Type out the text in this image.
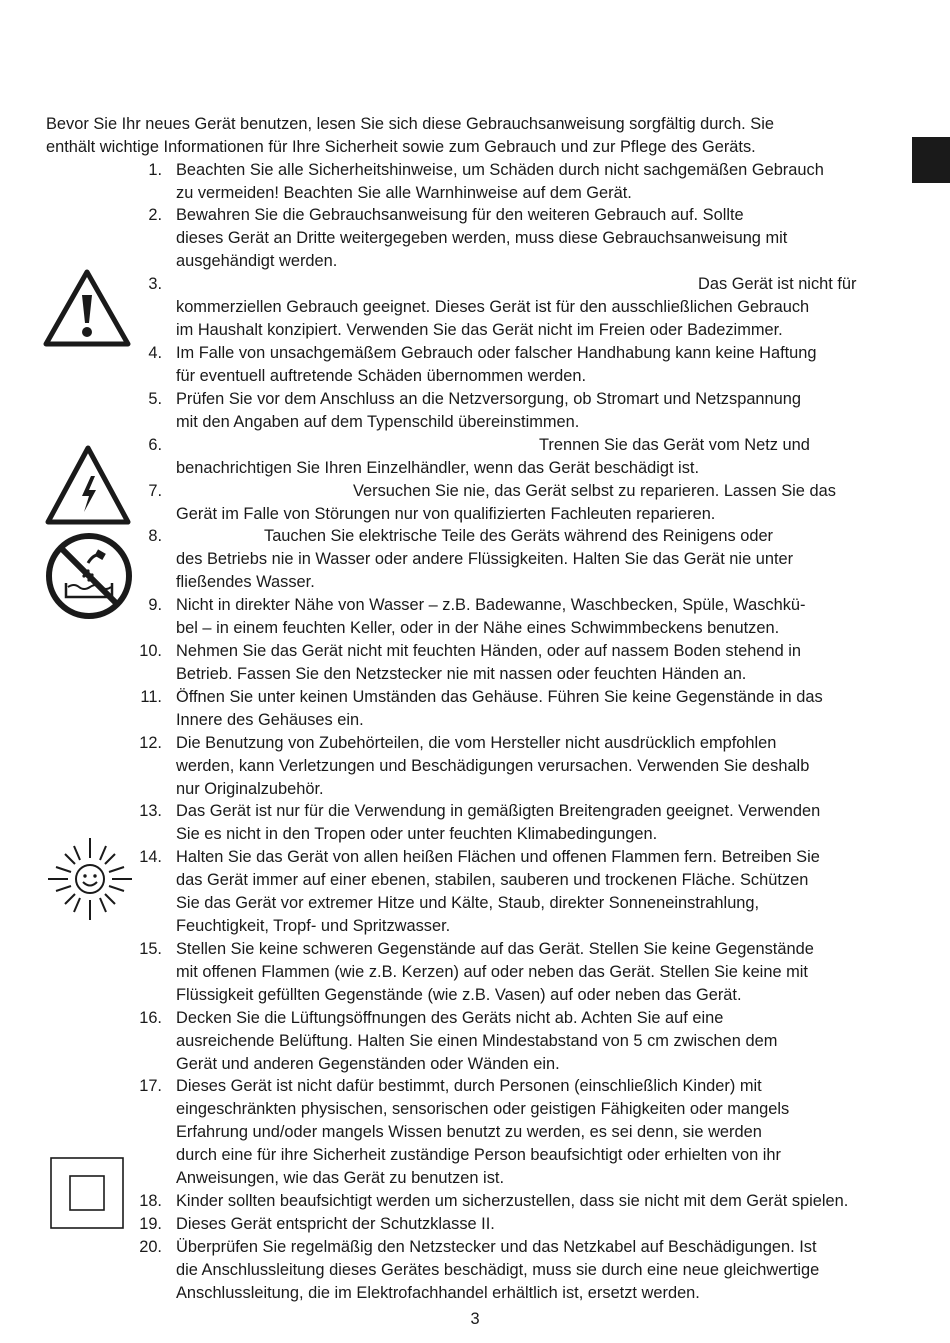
Bevor Sie Ihr neues Gerät benutzen, lesen Sie sich diese Gebrauchsanweisung sorgfältig durch. Sie
enthält wichtige Informationen für Ihre Sicherheit sowie zum Gebrauch und zur Pflege des Geräts.
1. Beachten Sie alle Sicherheitshinweise, um Schäden durch nicht sachgemäßen Gebrauch
zu vermeiden! Beachten Sie alle Warnhinweise auf dem Gerät.
2. Bewahren Sie die Gebrauchsanweisung für den weiteren Gebrauch auf. Sollte
dieses Gerät an Dritte weitergegeben werden, muss diese Gebrauchsanweisung mit
ausgehändigt werden.
3.	Das Gerät ist nicht für
kommerziellen Gebrauch geeignet. Dieses Gerät ist für den ausschließlichen Gebrauch
im Haushalt konzipiert. Verwenden Sie das Gerät nicht im Freien oder Badezimmer.
4. Im Falle von unsachgemäßem Gebrauch oder falscher Handhabung kann keine Haftung
für eventuell auftretende Schäden übernommen werden.
5. Prüfen Sie vor dem Anschluss an die Netzversorgung, ob Stromart und Netzspannung
mit den Angaben auf dem Typenschild übereinstimmen.
6.	Trennen Sie das Gerät vom Netz und
benachrichtigen Sie Ihren Einzelhändler, wenn das Gerät beschädigt ist.
7.	Versuchen Sie nie, das Gerät selbst zu reparieren. Lassen Sie das
Gerät im Falle von Störungen nur von qualifizierten Fachleuten reparieren.
8.	Tauchen Sie elektrische Teile des Geräts während des Reinigens oder
des Betriebs nie in Wasser oder andere Flüssigkeiten. Halten Sie das Gerät nie unter
fließendes Wasser.
9. Nicht in direkter Nähe von Wasser – z.B. Badewanne, Waschbecken, Spüle, Waschkü-
bel – in einem feuchten Keller, oder in der Nähe eines Schwimmbeckens benutzen.
10. Nehmen Sie das Gerät nicht mit feuchten Händen, oder auf nassem Boden stehend in
Betrieb. Fassen Sie den Netzstecker nie mit nassen oder feuchten Händen an.
11. Öffnen Sie unter keinen Umständen das Gehäuse. Führen Sie keine Gegenstände in das
Innere des Gehäuses ein.
12. Die Benutzung von Zubehörteilen, die vom Hersteller nicht ausdrücklich empfohlen
werden, kann Verletzungen und Beschädigungen verursachen. Verwenden Sie deshalb
nur Originalzubehör.
13. Das Gerät ist nur für die Verwendung in gemäßigten Breitengraden geeignet. Verwenden
Sie es nicht in den Tropen oder unter feuchten Klimabedingungen.
14. Halten Sie das Gerät von allen heißen Flächen und offenen Flammen fern. Betreiben Sie
das Gerät immer auf einer ebenen, stabilen, sauberen und trockenen Fläche. Schützen
Sie das Gerät vor extremer Hitze und Kälte, Staub, direkter Sonneneinstrahlung,
Feuchtigkeit, Tropf- und Spritzwasser.
15. Stellen Sie keine schweren Gegenstände auf das Gerät. Stellen Sie keine Gegenstände
mit offenen Flammen (wie z.B. Kerzen) auf oder neben das Gerät. Stellen Sie keine mit
Flüssigkeit gefüllten Gegenstände (wie z.B. Vasen) auf oder neben das Gerät.
16. Decken Sie die Lüftungsöffnungen des Geräts nicht ab. Achten Sie auf eine
ausreichende Belüftung. Halten Sie einen Mindestabstand von 5 cm zwischen dem
Gerät und anderen Gegenständen oder Wänden ein.
17. Dieses Gerät ist nicht dafür bestimmt, durch Personen (einschließlich Kinder) mit
eingeschränkten physischen, sensorischen oder geistigen Fähigkeiten oder mangels
Erfahrung und/oder mangels Wissen benutzt zu werden, es sei denn, sie werden
durch eine für ihre Sicherheit zuständige Person beaufsichtigt oder erhielten von ihr
Anweisungen, wie das Gerät zu benutzen ist.
18. Kinder sollten beaufsichtigt werden um sicherzustellen, dass sie nicht mit dem Gerät spielen.
19. Dieses Gerät entspricht der Schutzklasse II.
20. Überprüfen Sie regelmäßig den Netzstecker und das Netzkabel auf Beschädigungen. Ist
die Anschlussleitung dieses Gerätes beschädigt, muss sie durch eine neue gleichwertige
Anschlussleitung, die im Elektrofachhandel erhältlich ist, ersetzt werden.
3
